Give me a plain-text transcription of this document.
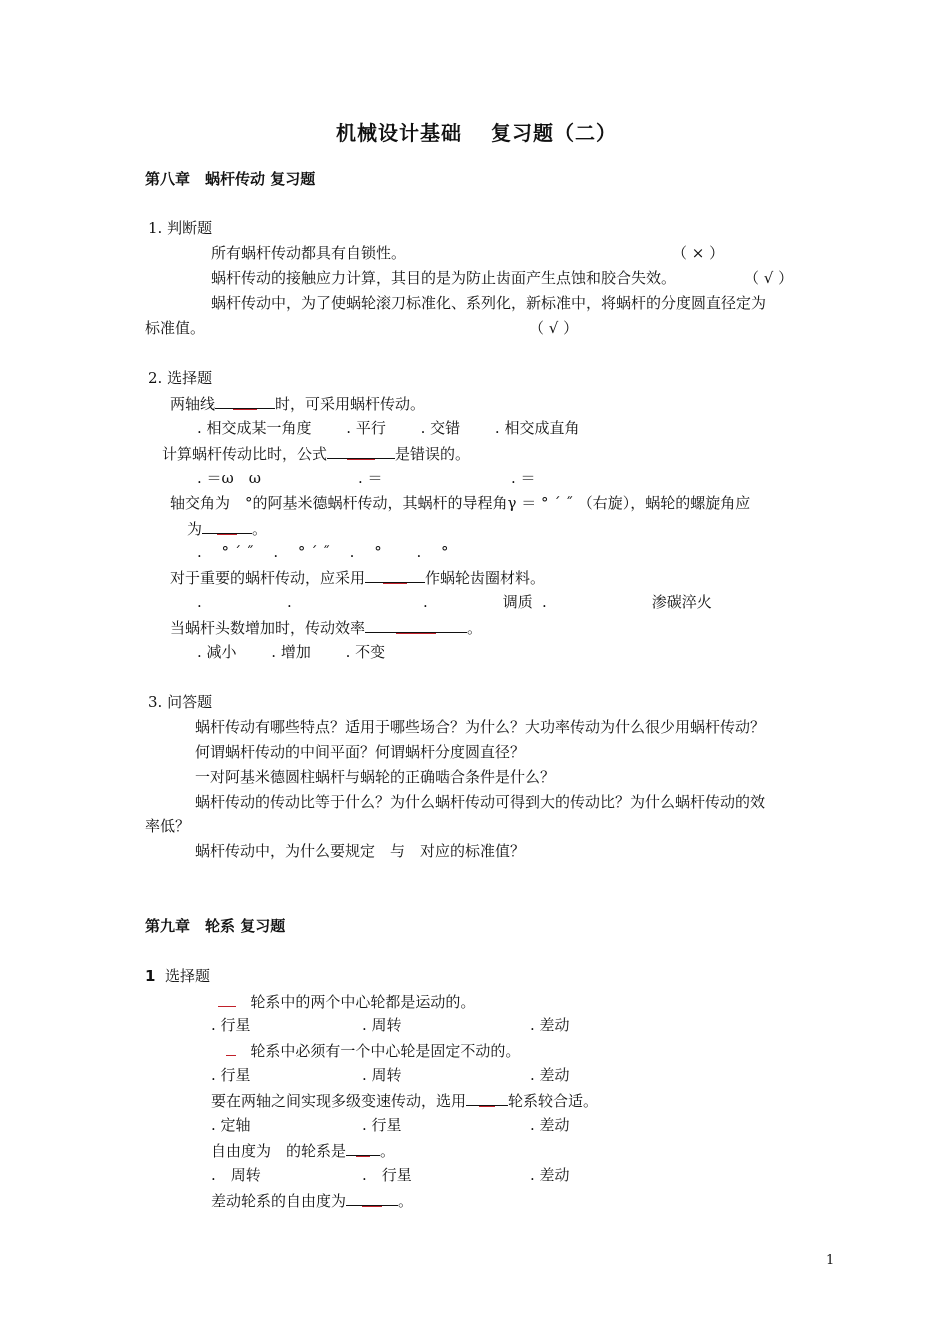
机械设计基础　 复习题（二）
第八章　蜗杆传动 复习题
1. 判断题
所有蜗杆传动都具有自锁性。	（ × ）
蜗杆传动的接触应力计算，其目的是为防止齿面产生点蚀和胶合失效。	（ √ ）
蜗杆传动中，为了使蜗轮滚刀标准化、系列化，新标准中，将蜗杆的分度圆直径定为
标准值。	（ √ ）
2. 选择题
两轴线	时，可采用蜗杆传动。
. 相交成某一角度　　 . 平行　　 . 交错　　 . 相交成直角
计算蜗杆传动比时，公式	是错误的。
. ＝ω　ω	. ＝	. ＝
轴交角为　°的阿基米德蜗杆传动，其蜗杆的导程角γ ＝ ° ´ ˝ （右旋），蜗轮的螺旋角应
为	。
. 　° ´ ˝　 . 　° ´ ˝　 . 　°　　 . 　°
对于重要的蜗杆传动，应采用	作蜗轮齿圈材料。
.	.	.　　　　　调质 .　　　　　　　渗碳淬火
当蜗杆头数增加时，传动效率	。
. 减小　　 . 增加　　 . 不变
3. 问答题
蜗杆传动有哪些特点？适用于哪些场合？为什么？大功率传动为什么很少用蜗杆传动？
何谓蜗杆传动的中间平面？何谓蜗杆分度圆直径？
一对阿基米德圆柱蜗杆与蜗轮的正确啮合条件是什么？
蜗杆传动的传动比等于什么？为什么蜗杆传动可得到大的传动比？为什么蜗杆传动的效
率低？
蜗杆传动中，为什么要规定　与　对应的标准值？
第九章　轮系 复习题
1 选择题
轮系中的两个中心轮都是运动的。
. 行星	. 周转	. 差动
轮系中必须有一个中心轮是固定不动的。
. 行星	. 周转	. 差动
要在两轴之间实现多级变速传动，选用	轮系较合适。
. 定轴	. 行星	. 差动
自由度为　的轮系是 。
.　周转	.　行星	. 差动
差动轮系的自由度为	。
1
